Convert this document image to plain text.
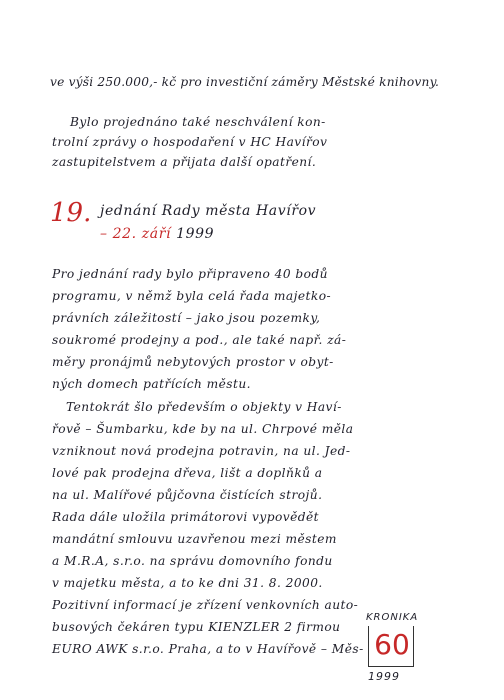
ve výši 250.000,- kč pro investiční záměry Městské knihovny.
Bylo projednáno také neschválení kon-
trolní zprávy o hospodaření v HC Havířov
zastupitelstvem a přijata další opatření.
19. jednání Rady města Havířov
– 22. září 1999
Pro jednání rady bylo připraveno 40 bodů
programu, v němž byla celá řada majetko-
právních záležitostí – jako jsou pozemky,
soukromé prodejny a pod., ale také např. zá-
měry pronájmů nebytových prostor v obyt-
ných domech patřících městu.
Tentokrát šlo především o objekty v Haví-
řově – Šumbarku, kde by na ul. Chrpové měla
vzniknout nová prodejna potravin, na ul. Jed-
lové pak prodejna dřeva, lišt a doplňků a
na ul. Malířové půjčovna čistících strojů.
Rada dále uložila primátorovi vypovědět
mandátní smlouvu uzavřenou mezi městem
a M.R.A, s.r.o. na správu domovního fondu
v majetku města, a to ke dni 31. 8. 2000.
Pozitivní informací je zřízení venkovních auto-
busových čekáren typu KIENZLER 2 firmou
EURO AWK s.r.o. Praha, a to v Havířově – Měs-
KRONIKA
60
1999
